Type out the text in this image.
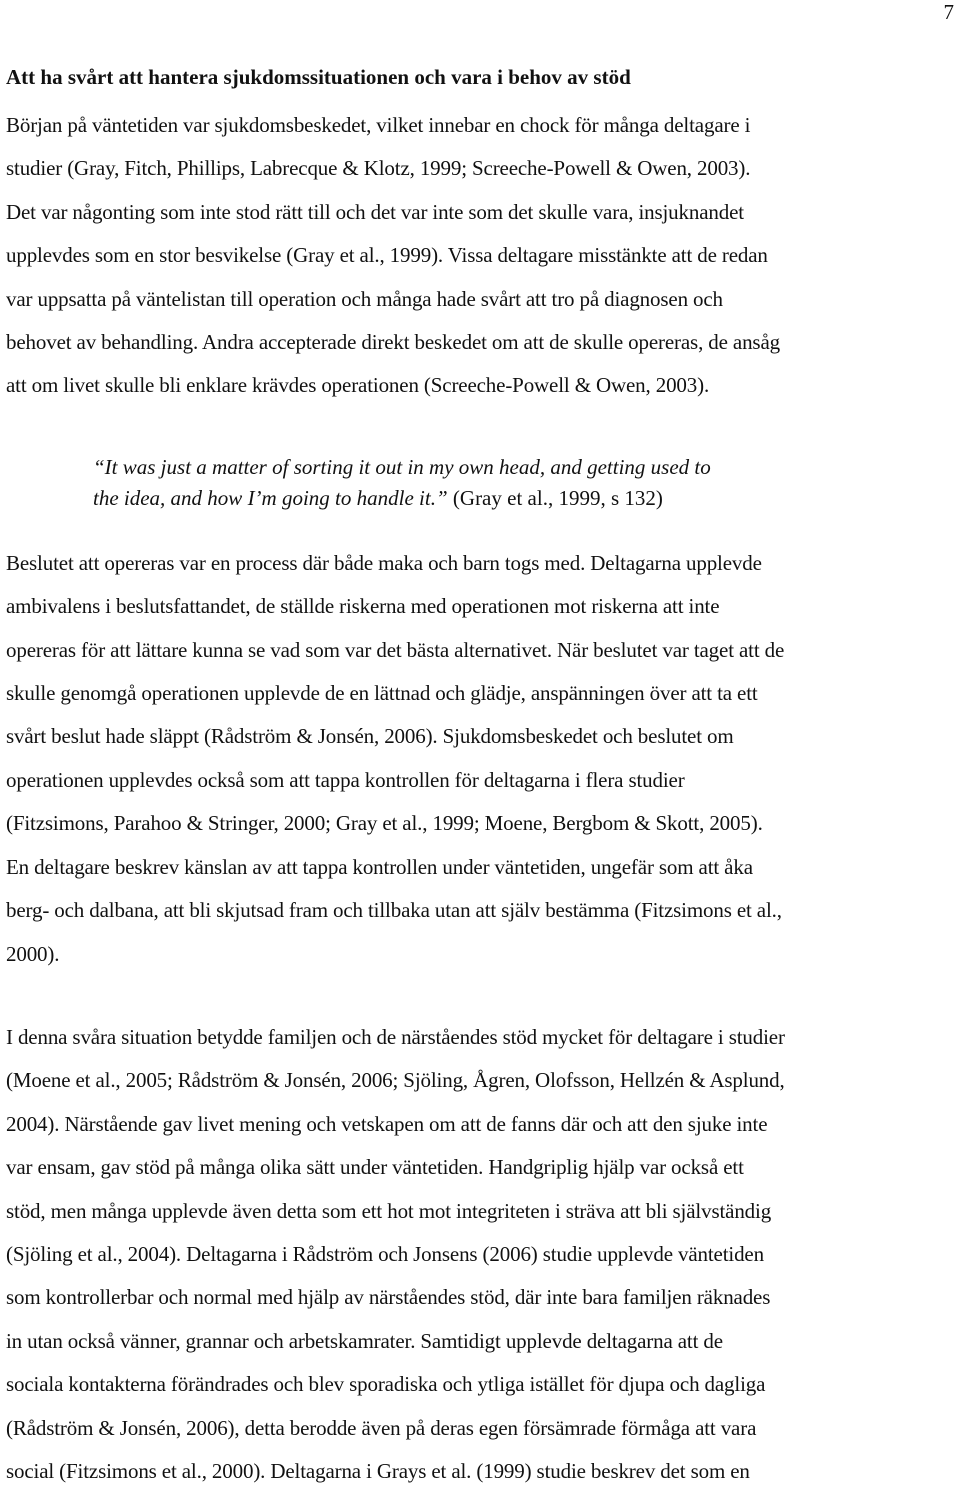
7
Att ha svårt att hantera sjukdomssituationen och vara i behov av stöd
Början på väntetiden var sjukdomsbeskedet, vilket innebar en chock för många deltagare i
studier (Gray, Fitch, Phillips, Labrecque & Klotz, 1999; Screeche-Powell & Owen, 2003).
Det var någonting som inte stod rätt till och det var inte som det skulle vara, insjuknandet
upplevdes som en stor besvikelse (Gray et al., 1999). Vissa deltagare misstänkte att de redan
var uppsatta på väntelistan till operation och många hade svårt att tro på diagnosen och
behovet av behandling. Andra accepterade direkt beskedet om att de skulle opereras, de ansåg
att om livet skulle bli enklare krävdes operationen (Screeche-Powell & Owen, 2003).
“It was just a matter of sorting it out in my own head, and getting used to
the idea, and how I’m going to handle it.” (Gray et al., 1999, s 132)
Beslutet att opereras var en process där både maka och barn togs med. Deltagarna upplevde
ambivalens i beslutsfattandet, de ställde riskerna med operationen mot riskerna att inte
opereras för att lättare kunna se vad som var det bästa alternativet. När beslutet var taget att de
skulle genomgå operationen upplevde de en lättnad och glädje, anspänningen över att ta ett
svårt beslut hade släppt (Rådström & Jonsén, 2006). Sjukdomsbeskedet och beslutet om
operationen upplevdes också som att tappa kontrollen för deltagarna i flera studier
(Fitzsimons, Parahoo & Stringer, 2000; Gray et al., 1999; Moene, Bergbom & Skott, 2005).
En deltagare beskrev känslan av att tappa kontrollen under väntetiden, ungefär som att åka
berg- och dalbana, att bli skjutsad fram och tillbaka utan att själv bestämma (Fitzsimons et al.,
2000).
I denna svåra situation betydde familjen och de närståendes stöd mycket för deltagare i studier
(Moene et al., 2005; Rådström & Jonsén, 2006; Sjöling, Ågren, Olofsson, Hellzén & Asplund,
2004). Närstående gav livet mening och vetskapen om att de fanns där och att den sjuke inte
var ensam, gav stöd på många olika sätt under väntetiden. Handgriplig hjälp var också ett
stöd, men många upplevde även detta som ett hot mot integriteten i sträva att bli självständig
(Sjöling et al., 2004). Deltagarna i Rådström och Jonsens (2006) studie upplevde väntetiden
som kontrollerbar och normal med hjälp av närståendes stöd, där inte bara familjen räknades
in utan också vänner, grannar och arbetskamrater. Samtidigt upplevde deltagarna att de
sociala kontakterna förändrades och blev sporadiska och ytliga istället för djupa och dagliga
(Rådström & Jonsén, 2006), detta berodde även på deras egen försämrade förmåga att vara
social (Fitzsimons et al., 2000). Deltagarna i Grays et al. (1999) studie beskrev det som en
